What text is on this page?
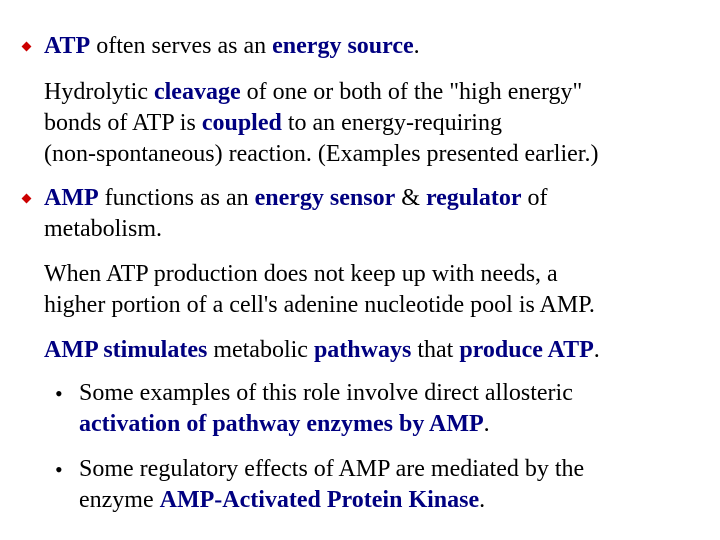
ATP often serves as an energy source.

Hydrolytic cleavage of one or both of the "high energy"
bonds of ATP is coupled to an energy-requiring
(non-spontaneous) reaction. (Examples presented earlier.)

AMP functions as an energy sensor & regulator of
metabolism.

When ATP production does not keep up with needs, a
higher portion of a cell's adenine nucleotide pool is AMP.

AMP stimulates metabolic pathways that produce ATP.

• Some examples of this role involve direct allosteric
activation of pathway enzymes by AMP.

• Some regulatory effects of AMP are mediated by the
enzyme AMP-Activated Protein Kinase.
